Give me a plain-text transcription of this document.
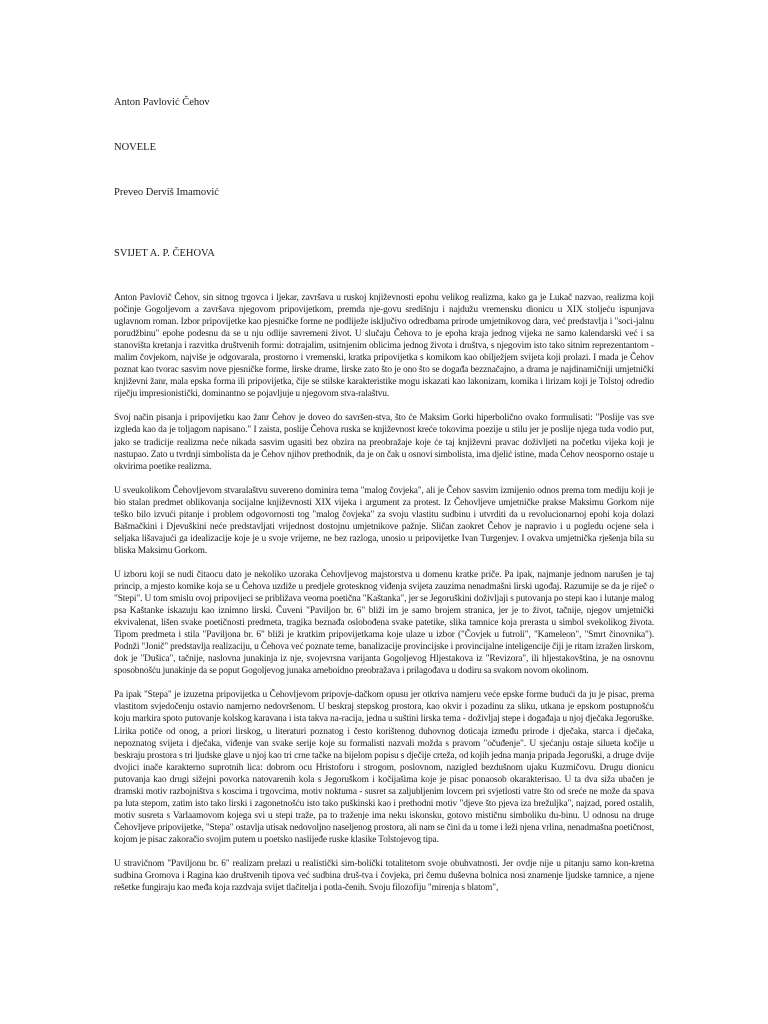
Anton Pavlović Čehov

NOVELE

Preveo Derviš Imamović

SVIJET A. P. ČEHOVA

Anton Pavlovič Čehov, sin sitnog trgovca i ljekar, završava u ruskoj književnosti epohu velikog realizma, kako ga je Lukač nazvao, realizma koji počinje Gogoljevom a završava njegovom pripovijetkom, premda nje-govu središnju i najdužu vremensku dionicu u XIX stoljeću ispunjava uglavnom roman. Izbor pripovijetke kao pjesničke forme ne podliježe isključivo odredbama prirode umjetnikovog dara, već predstavlja i "soci-jalnu porudžbinu" epohe podesnu da se u nju odlije savremeni život. U slučaju Čehova to je epoha kraja jednog vijeka ne samo kalendarski već i sa stanovišta kretanja i razvitka društvenih formi: dotrajalim, usitnjenim oblicima jednog života i društva, s njegovim isto tako sitnim reprezentantom - malim čovjekom, najviše je odgovarala, prostorno i vremenski, kratka pripovijetka s komikom kao obilježjem svijeta koji prolazi. I mada je Čehov poznat kao tvorac sasvim nove pjesničke forme, lirske drame, lirske zato što je ono što se događa bezznačajno, a drama je najdinamičniji umjetnički književni žanr, mala epska forma ili pripovijetka, čije se stilske karakteristike mogu iskazati kao lakonizam, komika i lirizam koji je Tolstoj odredio riječju impresionistički, dominantno se pojavljuje u njegovom stva-ralaštvu.

Svoj način pisanja i pripovijetku kao žanr Čehov je doveo do savršen-stva, što će Maksim Gorki hiperbolično ovako formulisati: "Poslije vas sve izgleda kao da je toljagom napisano." I zaista, poslije Čehova ruska se književnost kreće tokovima poezije u stilu jer je poslije njega tuda vodio put, jako se tradicije realizma neće nikada sasvim ugasiti bez obzira na preobražaje koje će taj književni pravac doživljeti na početku vijeka koji je nastupao. Zato u tvrdnji simbolista da je Čehov njihov prethodnik, da je on čak u osnovi simbolista, ima djelić istine, mada Čehov neosporno ostaje u okvirima poetike realizma.

U sveukolikom Čehovljevom stvaralaštvu suvereno dominira tema "malog čovjeka", ali je Čehov sasvim izmijenio odnos prema tom mediju koji je bio stalan predmet oblikovanja socijalne književnosti XIX vijeka i argument za protest. Iz Čehovljeve umjetničke prakse Maksimu Gorkom nije teško bilo izvući pitanje i problem odgovornosti tog "malog čovjeka" za svoju vlastitu sudbinu i utvrditi da u revolucionarnoj epohi koja dolazi Bašmačkini i Djevuškini neće predstavljati vrijednost dostojnu umjetnikove pažnje. Sličan zaokret Čehov je napravio i u pogledu ocjene sela i seljaka lišavajući ga idealizacije koje je u svoje vrijeme, ne bez razloga, unosio u pripovijetke Ivan Turgenjev. I ovakva umjetnička rješenja bila su bliska Maksimu Gorkom.

U izboru koji se nudi čitaocu dato je nekoliko uzoraka Čehovljevog majstorstva u domenu kratke priče. Pa ipak, najmanje jednom narušen je taj princip, a mjesto komike koja se u Čehova uzdiže u predjele grotesknog viđenja svijeta zauzima nenadmašni lirski ugođaj. Razumije se da je riječ o "Stepi". U tom smislu ovoj pripovijeci se približava veoma poetična "Kaštanka", jer se Jegoruškini doživljaji s putovanja po stepi kao i lutanje malog psa Kaštanke iskazuju kao iznimno lirski. Čuveni "Paviljon br. 6" bliži im je samo brojem stranica, jer je to život, tačnije, njegov umjetnički ekvivalenat, lišen svake poetičnosti predmeta, tragika beznađa oslobođena svake patetike, slika tamnice koja prerasta u simbol svekolikog života. Tipom predmeta i stila "Paviljona br. 6" bliži je kratkim pripovijetkama koje ulaze u izbor ("Čovjek u futroli", "Kameleon", "Smrt činovnika"). Podnži "Jonič" predstavlja realizaciju, u Čehova već poznate teme, banalizacije provincijske i provincijalne inteligencije čiji je ritam izražen lirskom, dok je "Dušica", tačnije, naslovna junakinja iz nje, svojevrsna varijanta Gogoljevog Hljestakova iz "Revizora", ili hljestakovština, je na osnovnu sposobnošću junakinje da se poput Gogoljevog junaka ameboidno preobražava i prilagođava u dodiru sa svakom novom okolinom.

Pa ipak "Stepa" je izuzetna pripovijetka u Čehovljevom pripovje-dačkom opusu jer otkriva namjeru veće epske forme budući da ju je pisac, prema vlastitom svjedočenju ostavio namjerno nedovršenom. U beskraj stepskog prostora, kao okvir i pozadinu za sliku, utkana je epskom postupnošću koju markira spoto putovanje kolskog karavana i ista takva na-racija, jedna u suštini lirska tema - doživljaj stepe i događaja u njoj dječaka Jegoruške. Lirika potiče od onog, a priori lirskog, u literaturi poznatog i često korištenog duhovnog doticaja između prirode i dječaka, starca i dječaka, nepoznatog svijeta i dječaka, viđenje van svake serije koje su formalisti nazvali možda s pravom "očuđenje". U sjećanju ostaje silueta kočije u beskraju prostora s tri ljudske glave u njoj kao tri crne tačke na bijelom popisu s dječije crteža, od kojih jedna manja pripada Jegoruški, a druge dvije dvojici inače karakterno suprotnih lica: dobrom ocu Hristoforu i strogom, poslovnom, nazigled bezdušnom ujaku Kuzmičovu. Drugu dionicu putovanja kao drugi sižejni povorka natovarenih kola s Jegoruškom i kočijašima koje je pisac ponaosob okarakterisao. U ta dva siža ubačen je dramski motiv razbojništva s koscima i trgovcima, motiv noktuma - susret sa zaljubljenim lovcem pri svjetlosti vatre što od sreće ne može da spava pa luta stepom, zatim isto tako lirski i zagonetnošću isto tako puškinski kao i prethodni motiv "djeve što pjeva iza brežuljka", najzad, pored ostalih, motiv susreta s Varlaamovom kojega svi u stepi traže, pa to traženje ima neku iskonsku, gotovo mističnu simboliku du-binu. U odnosu na druge Čehovljeve pripovijetke, "Stepa" ostavlja utisak nedovoljno naseljenog prostora, ali nam se čini da u tome i leži njena vrlina, nenadmašna poetičnost, kojom je pisac zakoračio svojim putem u poetsko naslijeđe ruske klasike Tolstojevog tipa.

U stravičnom "Paviljonu br. 6" realizam prelazi u realistički sim-bolički totalitetom svoje obuhvatnosti. Jer ovdje nije u pitanju samo kon-kretna sudbina Gromova i Ragina kao društvenih tipova već sudbina druš-tva i čovjeka, pri čemu duševna bolnica nosi znamenje ljudske tamnice, a njene rešetke fungiraju kao međa koja razdvaja svijet tlačitelja i potla-čenih. Svoju filozofiju "mirenja s blatom",
